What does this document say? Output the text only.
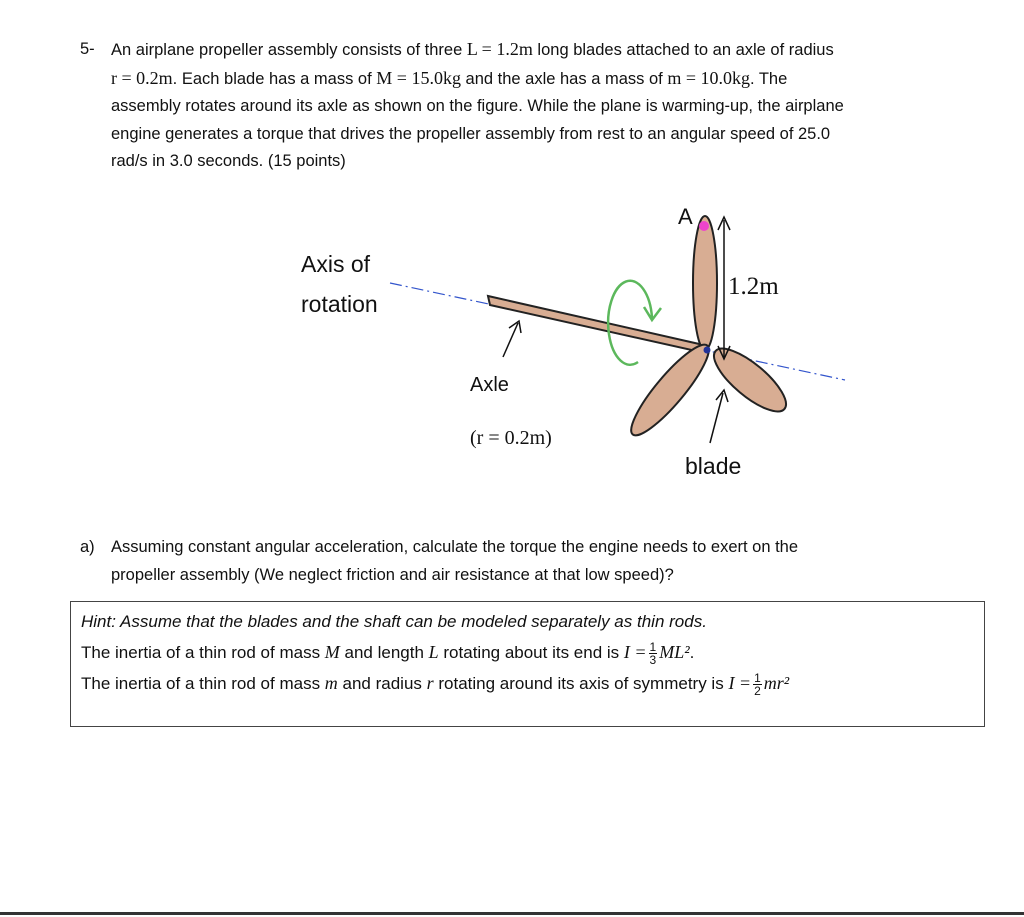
5- An airplane propeller assembly consists of three L = 1.2m long blades attached to an axle of radius
r = 0.2m. Each blade has a mass of M = 15.0kg and the axle has a mass of m = 10.0kg. The
assembly rotates around its axle as shown on the figure. While the plane is warming-up, the airplane
engine generates a torque that drives the propeller assembly from rest to an angular speed of 25.0
rad/s in 3.0 seconds. (15 points)
Axis of
rotation
Axle
(r = 0.2m)
blade
A
1.2m
a) Assuming constant angular acceleration, calculate the torque the engine needs to exert on the
propeller assembly (We neglect friction and air resistance at that low speed)?
Hint: Assume that the blades and the shaft can be modeled separately as thin rods.
The inertia of a thin rod of mass M and length L rotating about its end is $I = \frac{1}{3} ML^2$.
The inertia of a thin rod of mass m and radius r rotating around its axis of symmetry is $I = \frac{1}{2} mr^2$
